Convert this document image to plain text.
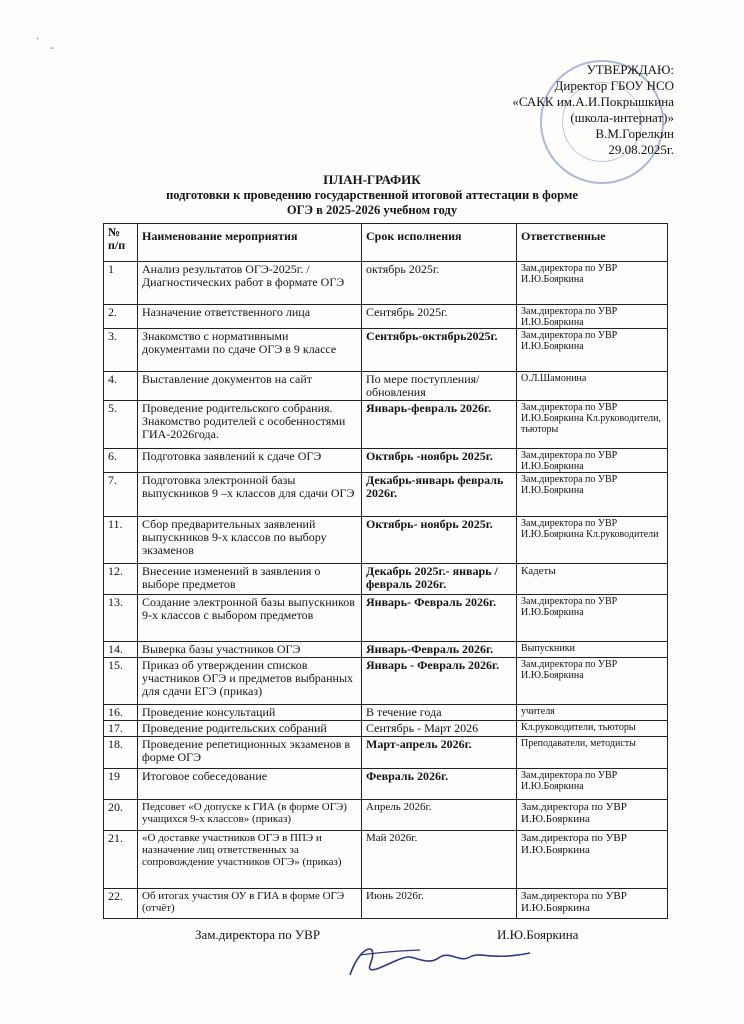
.
-
УТВЕРЖДАЮ:
Директор ГБОУ НСО
«САКК им.А.И.Покрышкина
(школа-интернат)»
В.М.Горелкин
29.08.2025г.
ПЛАН-ГРАФИК
подготовки к проведению государственной итоговой аттестации в форме
ОГЭ в 2025-2026 учебном году
№ п/п	Наименование мероприятия	Срок исполнения	Ответственные
1	Анализ результатов ОГЭ-2025г. /Диагностических работ в формате ОГЭ	октябрь 2025г.	Зам.директора по УВР И.Ю.Бояркина
2.	Назначение ответственного лица	Сентябрь 2025г.	Зам.директора по УВР И.Ю.Бояркина
3.	Знакомство с нормативными документами по сдаче ОГЭ в 9 классе	Сентябрь-октябрь2025г.	Зам.директора по УВР И.Ю.Бояркина
4.	Выставление документов на сайт	По мере поступления/обновления	О.Л.Шамонина
5.	Проведение родительского собрания. Знакомство родителей с особенностями ГИА-2026года.	Январь-февраль 2026г.	Зам.директора по УВР И.Ю.Бояркина Кл.руководители, тьюторы
6.	Подготовка заявлений к сдаче ОГЭ	Октябрь -ноябрь 2025г.	Зам.директора по УВР И.Ю.Бояркина
7.	Подготовка электронной базы выпускников 9 –х классов для сдачи ОГЭ	Декабрь-январь февраль 2026г.	Зам.директора по УВР И.Ю.Бояркина
11.	Сбор предварительных заявлений выпускников 9-х классов по выбору экзаменов	Октябрь- ноябрь 2025г.	Зам.директора по УВР И.Ю.Бояркина Кл.руководители
12.	Внесение изменений в заявления о выборе предметов	Декабрь 2025г.- январь /февраль 2026г.	Кадеты
13.	Создание электронной базы выпускников 9-х классов с выбором предметов	Январь- Февраль 2026г.	Зам.директора по УВР И.Ю.Бояркина
14.	Выверка базы участников ОГЭ	Январь-Февраль 2026г.	Выпускники
15.	Приказ об утверждении списков участников ОГЭ и предметов выбранных для сдачи ЕГЭ (приказ)	Январь - Февраль 2026г.	Зам.директора по УВР И.Ю.Бояркина
16.	Проведение консультаций	В течение года	учителя
17.	Проведение родительских собраний	Сентябрь - Март 2026	Кл.руководители, тьюторы
18.	Проведение репетиционных экзаменов в форме ОГЭ	Март-апрель 2026г.	Преподаватели, методисты
19	Итоговое собеседование	Февраль 2026г.	Зам.директора по УВР И.Ю.Бояркина
20.	Педсовет «О допуске к ГИА (в форме ОГЭ) учащихся 9-х классов» (приказ)	Апрель 2026г.	Зам.директора по УВР И.Ю.Бояркина
21.	«О доставке участников ОГЭ в ППЭ и назначение лиц ответственных за сопровождение участников ОГЭ» (приказ)	Май 2026г.	Зам.директора по УВР И.Ю.Бояркина
22.	Об итогах участия ОУ в ГИА в форме ОГЭ (отчёт)	Июнь 2026г.	Зам.директора по УВР И.Ю.Бояркина
Зам.директора по УВР	И.Ю.Бояркина
